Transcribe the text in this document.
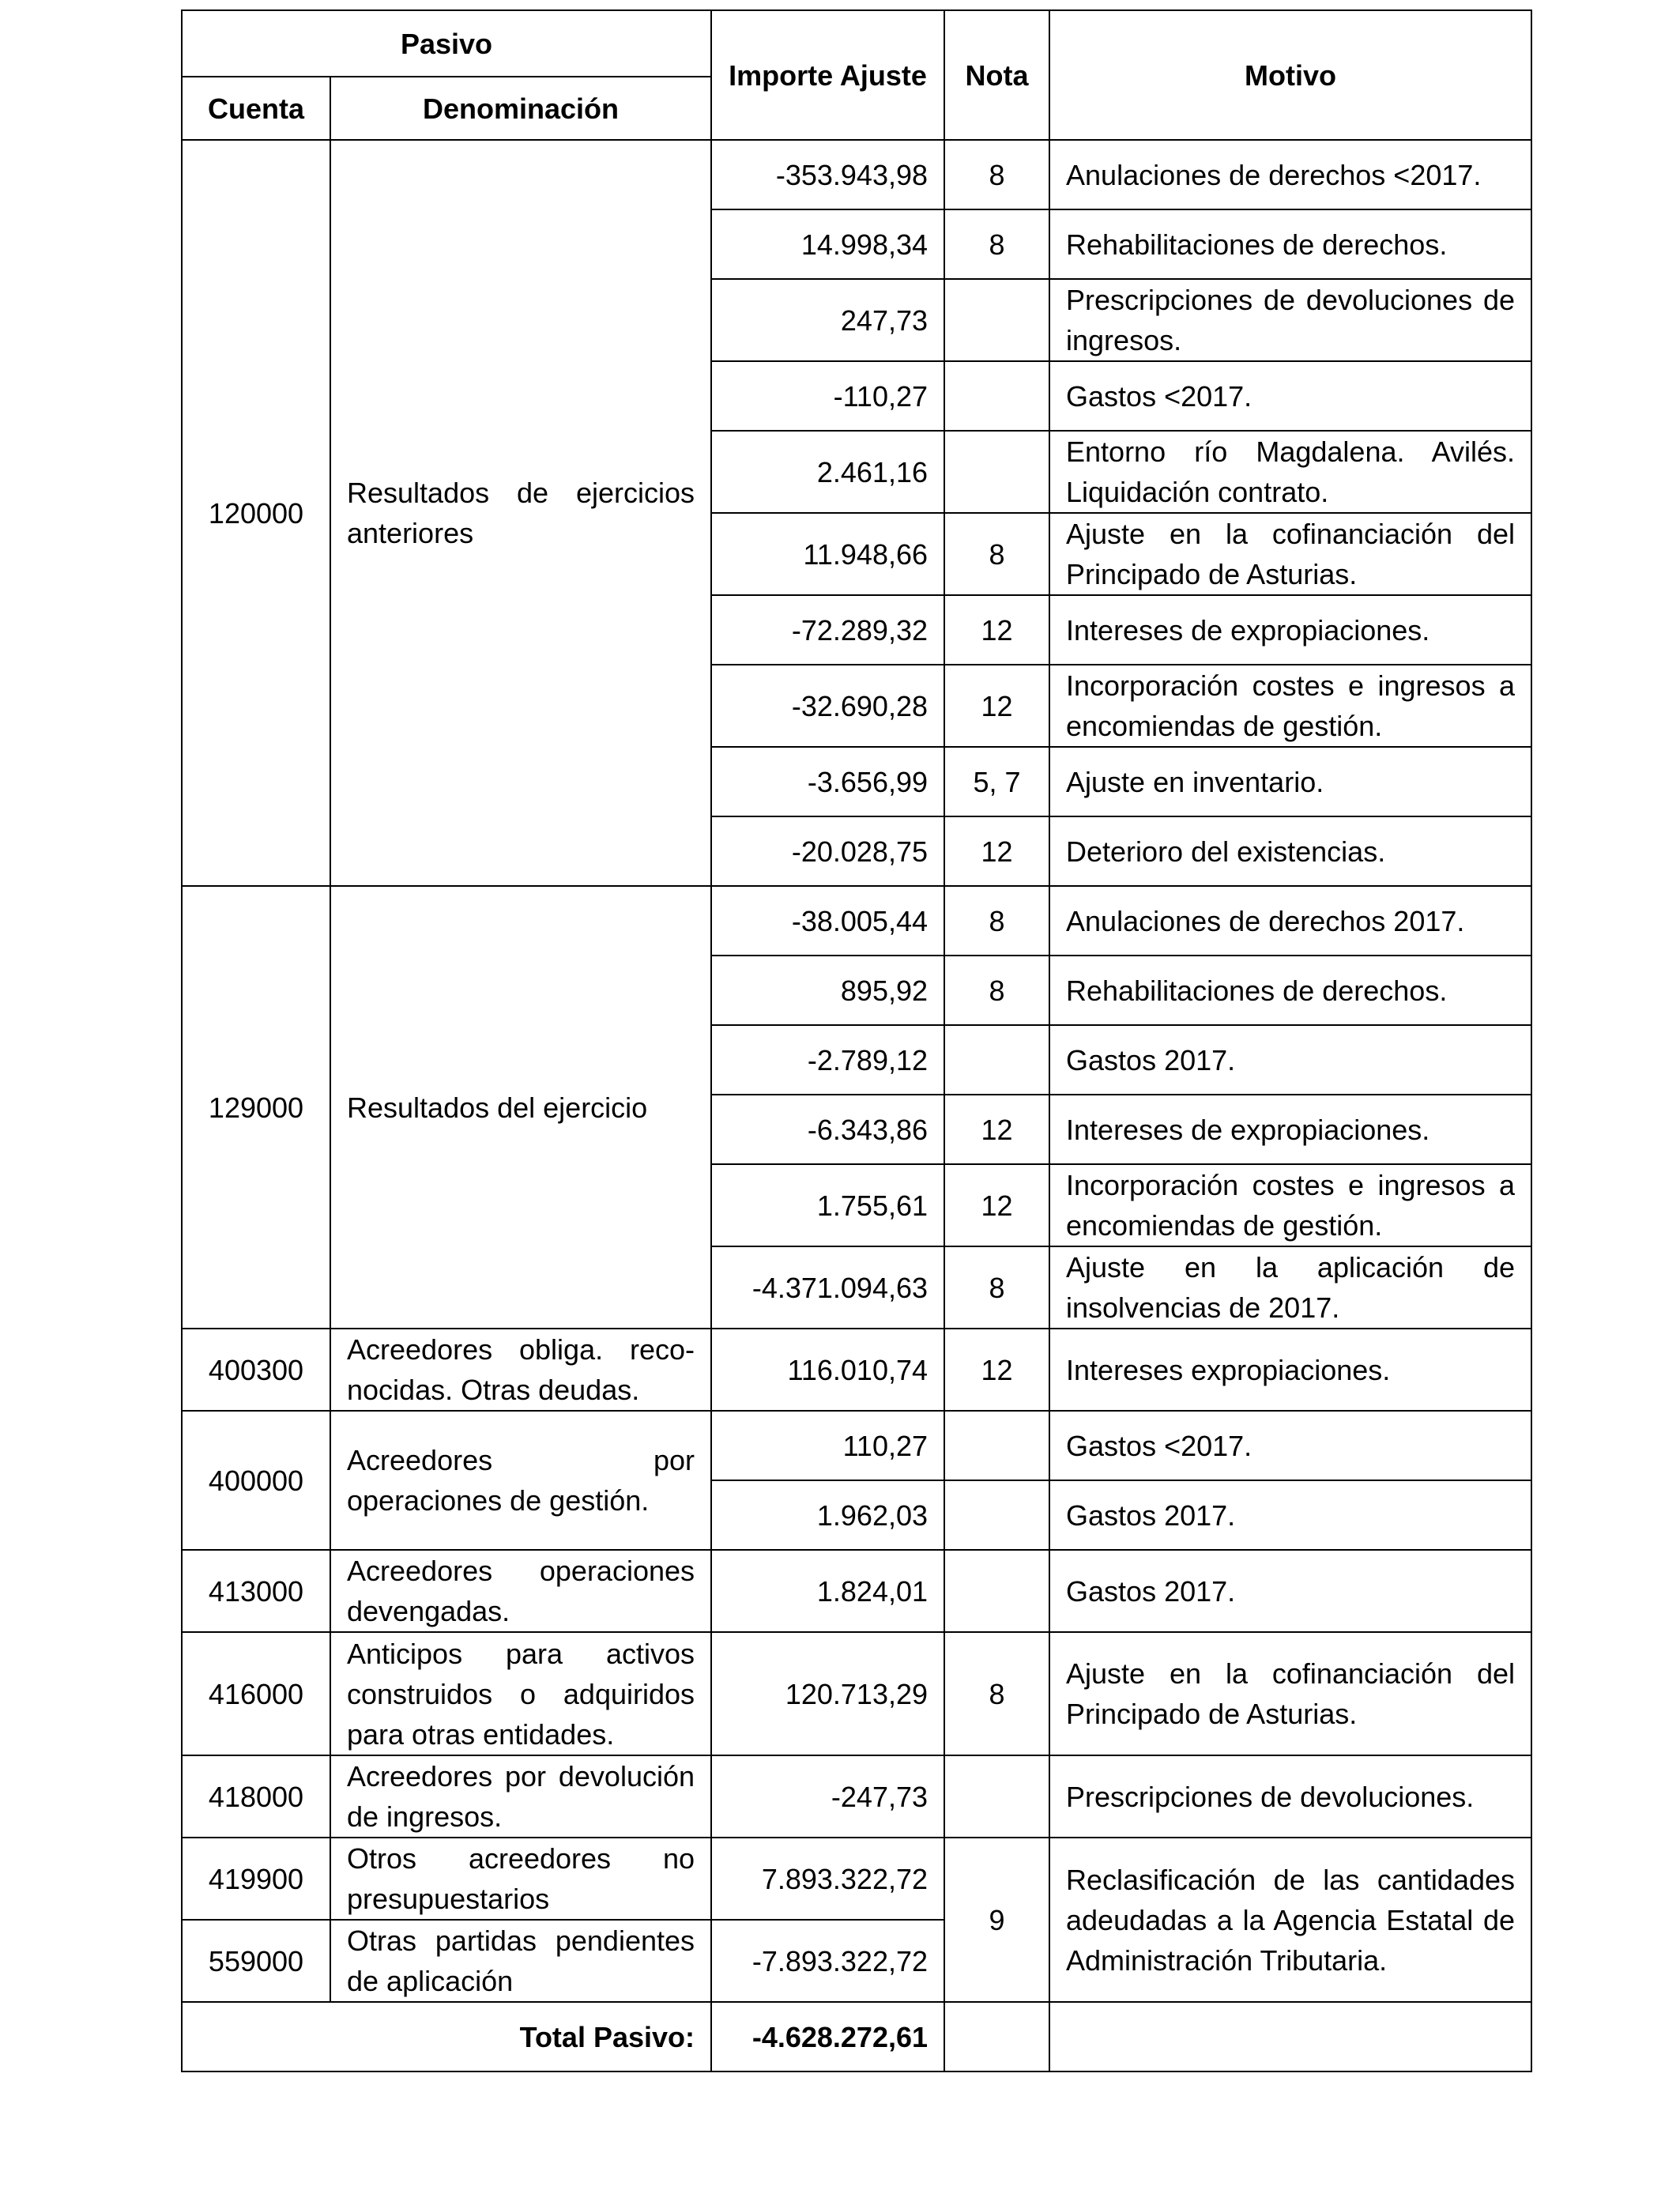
Pasivo		Importe Ajuste	Nota	Motivo
Cuenta	Denominación			
120000	Resultados de ejercicios anteriores	-353.943,98	8	Anulaciones de derechos <2017.
		14.998,34	8	Rehabilitaciones de derechos.
		247,73		Prescripciones de devoluciones de ingresos.
		-110,27		Gastos <2017.
		2.461,16		Entorno río Magdalena. Avilés. Liquidación contrato.
		11.948,66	8	Ajuste en la cofinanciación del Principado de Asturias.
		-72.289,32	12	Intereses de expropiaciones.
		-32.690,28	12	Incorporación costes e ingresos a encomiendas de gestión.
		-3.656,99	5, 7	Ajuste en inventario.
		-20.028,75	12	Deterioro del existencias.
129000	Resultados del ejercicio	-38.005,44	8	Anulaciones de derechos 2017.
		895,92	8	Rehabilitaciones de derechos.
		-2.789,12		Gastos 2017.
		-6.343,86	12	Intereses de expropiaciones.
		1.755,61	12	Incorporación costes e ingresos a encomiendas de gestión.
		-4.371.094,63	8	Ajuste en la aplicación de insolvencias de 2017.
400300	Acreedores obliga. reco-nocidas. Otras deudas.	116.010,74	12	Intereses expropiaciones.
400000	Acreedores por operaciones de gestión.	110,27		Gastos <2017.
		1.962,03		Gastos 2017.
413000	Acreedores operaciones devengadas.	1.824,01		Gastos 2017.
416000	Anticipos para activos construidos o adquiridos para otras entidades.	120.713,29	8	Ajuste en la cofinanciación del Principado de Asturias.
418000	Acreedores por devolución de ingresos.	-247,73		Prescripciones de devoluciones.
419900	Otros acreedores no presupuestarios	7.893.322,72	9	Reclasificación de las cantidades adeudadas a la Agencia Estatal de Administración Tributaria.
559000	Otras partidas pendientes de aplicación	-7.893.322,72		
Total Pasivo:		-4.628.272,61		
